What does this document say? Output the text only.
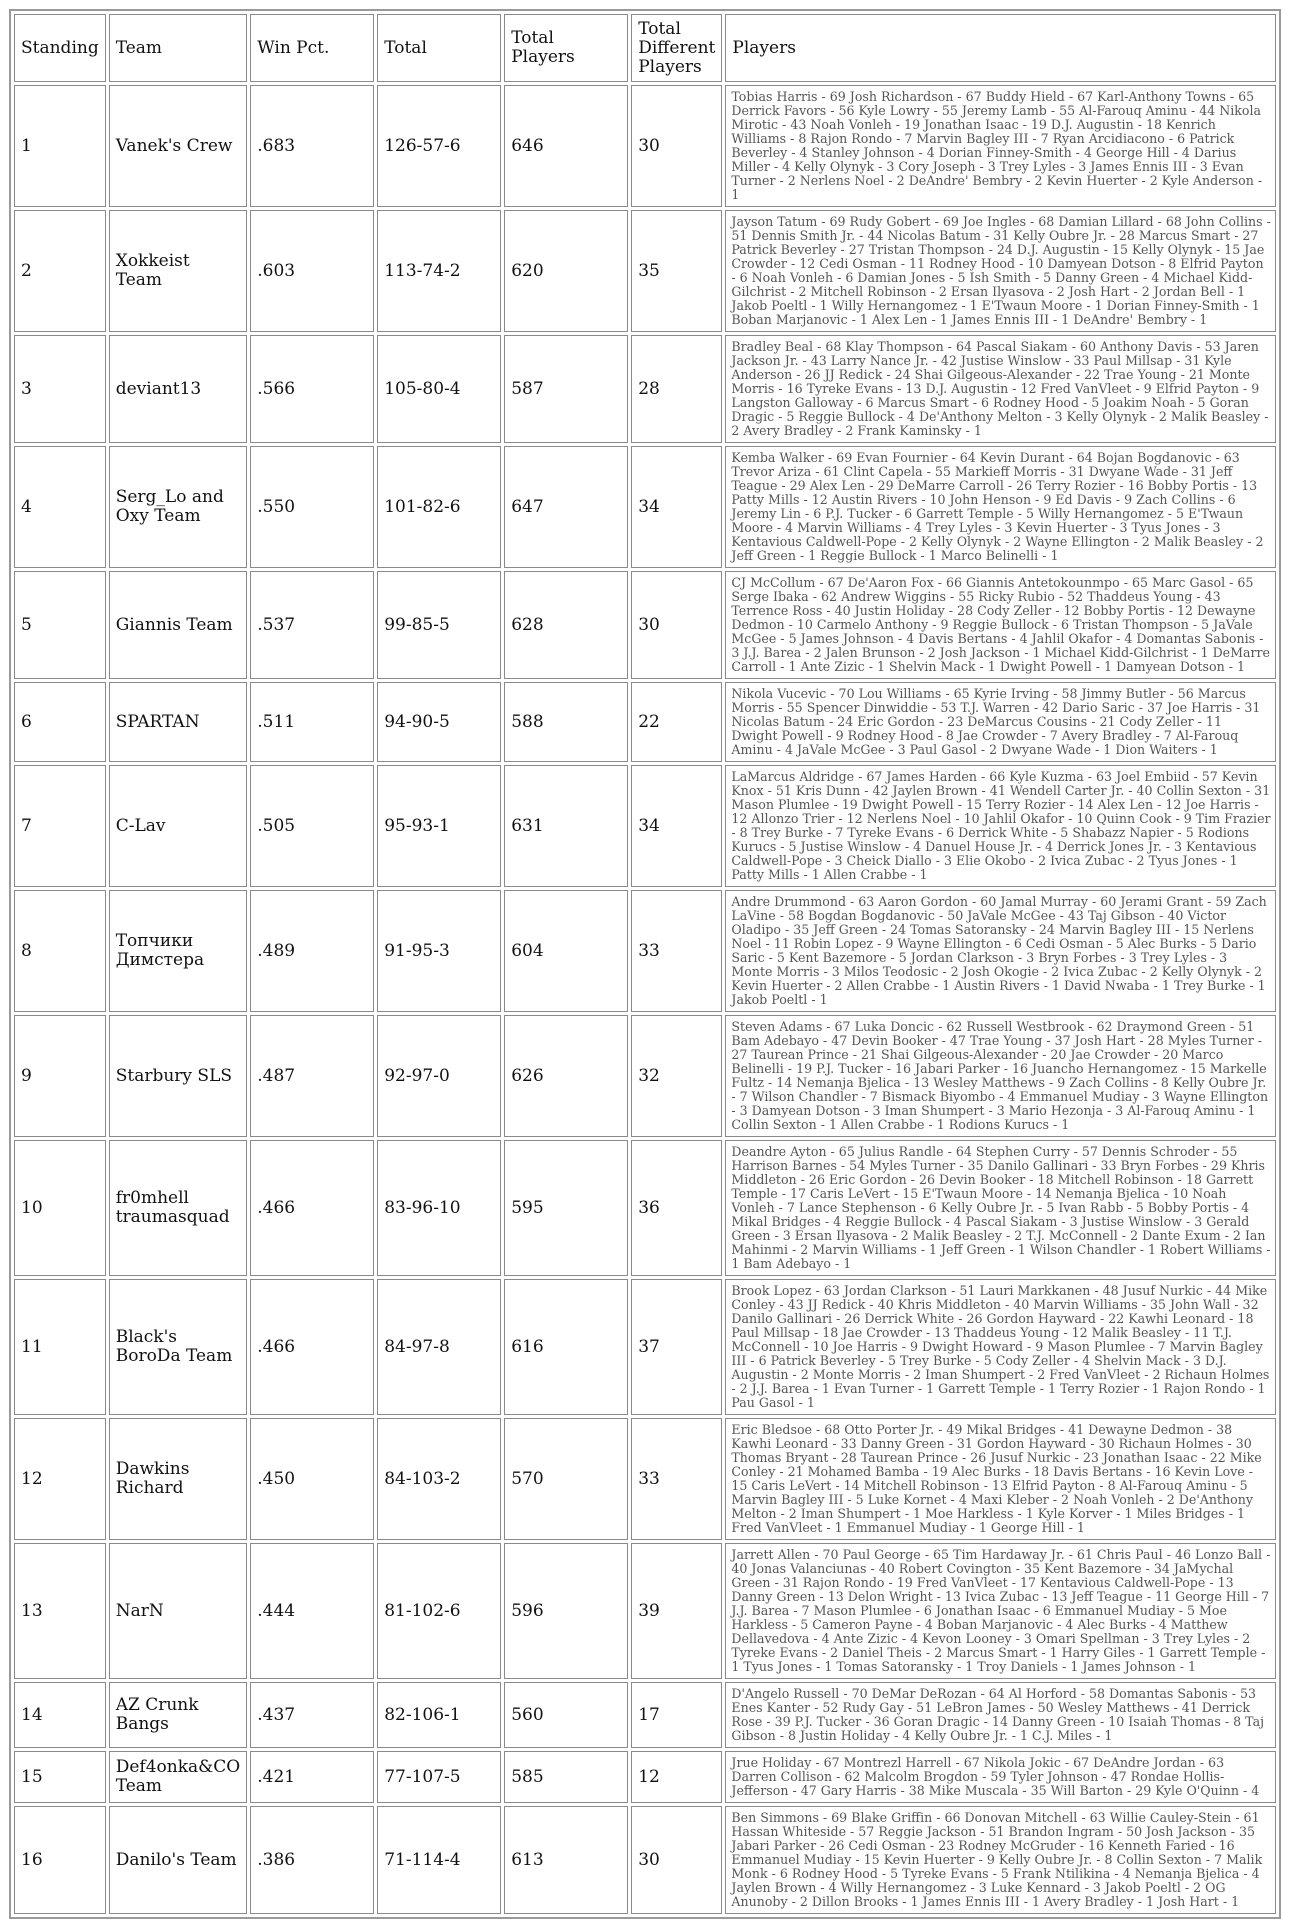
Standing	Team	Win Pct.	Total	Total Players	Total Different Players	Players
1	Vanek's Crew	.683	126-57-6	646	30	Tobias Harris - 69 Josh Richardson - 67 Buddy Hield - 67 Karl-Anthony Towns - 65 Derrick Favors - 56 Kyle Lowry - 55 Jeremy Lamb - 55 Al-Farouq Aminu - 44 Nikola Mirotic - 43 Noah Vonleh - 19 Jonathan Isaac - 19 D.J. Augustin - 18 Kenrich Williams - 8 Rajon Rondo - 7 Marvin Bagley III - 7 Ryan Arcidiacono - 6 Patrick Beverley - 4 Stanley Johnson - 4 Dorian Finney-Smith - 4 George Hill - 4 Darius Miller - 4 Kelly Olynyk - 3 Cory Joseph - 3 Trey Lyles - 3 James Ennis III - 3 Evan Turner - 2 Nerlens Noel - 2 DeAndre' Bembry - 2 Kevin Huerter - 2 Kyle Anderson - 1
2	Xokkeist Team	.603	113-74-2	620	35	Jayson Tatum - 69 Rudy Gobert - 69 Joe Ingles - 68 Damian Lillard - 68 John Collins - 51 Dennis Smith Jr. - 44 Nicolas Batum - 31 Kelly Oubre Jr. - 28 Marcus Smart - 27 Patrick Beverley - 27 Tristan Thompson - 24 D.J. Augustin - 15 Kelly Olynyk - 15 Jae Crowder - 12 Cedi Osman - 11 Rodney Hood - 10 Damyean Dotson - 8 Elfrid Payton - 6 Noah Vonleh - 6 Damian Jones - 5 Ish Smith - 5 Danny Green - 4 Michael Kidd-Gilchrist - 2 Mitchell Robinson - 2 Ersan Ilyasova - 2 Josh Hart - 2 Jordan Bell - 1 Jakob Poeltl - 1 Willy Hernangomez - 1 E'Twaun Moore - 1 Dorian Finney-Smith - 1 Boban Marjanovic - 1 Alex Len - 1 James Ennis III - 1 DeAndre' Bembry - 1
3	deviant13	.566	105-80-4	587	28	Bradley Beal - 68 Klay Thompson - 64 Pascal Siakam - 60 Anthony Davis - 53 Jaren Jackson Jr. - 43 Larry Nance Jr. - 42 Justise Winslow - 33 Paul Millsap - 31 Kyle Anderson - 26 JJ Redick - 24 Shai Gilgeous-Alexander - 22 Trae Young - 21 Monte Morris - 16 Tyreke Evans - 13 D.J. Augustin - 12 Fred VanVleet - 9 Elfrid Payton - 9 Langston Galloway - 6 Marcus Smart - 6 Rodney Hood - 5 Joakim Noah - 5 Goran Dragic - 5 Reggie Bullock - 4 De'Anthony Melton - 3 Kelly Olynyk - 2 Malik Beasley - 2 Avery Bradley - 2 Frank Kaminsky - 1
4	Serg_Lo and Oxy Team	.550	101-82-6	647	34	Kemba Walker - 69 Evan Fournier - 64 Kevin Durant - 64 Bojan Bogdanovic - 63 Trevor Ariza - 61 Clint Capela - 55 Markieff Morris - 31 Dwyane Wade - 31 Jeff Teague - 29 Alex Len - 29 DeMarre Carroll - 26 Terry Rozier - 16 Bobby Portis - 13 Patty Mills - 12 Austin Rivers - 10 John Henson - 9 Ed Davis - 9 Zach Collins - 6 Jeremy Lin - 6 P.J. Tucker - 6 Garrett Temple - 5 Willy Hernangomez - 5 E'Twaun Moore - 4 Marvin Williams - 4 Trey Lyles - 3 Kevin Huerter - 3 Tyus Jones - 3 Kentavious Caldwell-Pope - 2 Kelly Olynyk - 2 Wayne Ellington - 2 Malik Beasley - 2 Jeff Green - 1 Reggie Bullock - 1 Marco Belinelli - 1
5	Giannis Team	.537	99-85-5	628	30	CJ McCollum - 67 De'Aaron Fox - 66 Giannis Antetokounmpo - 65 Marc Gasol - 65 Serge Ibaka - 62 Andrew Wiggins - 55 Ricky Rubio - 52 Thaddeus Young - 43 Terrence Ross - 40 Justin Holiday - 28 Cody Zeller - 12 Bobby Portis - 12 Dewayne Dedmon - 10 Carmelo Anthony - 9 Reggie Bullock - 6 Tristan Thompson - 5 JaVale McGee - 5 James Johnson - 4 Davis Bertans - 4 Jahlil Okafor - 4 Domantas Sabonis - 3 J.J. Barea - 2 Jalen Brunson - 2 Josh Jackson - 1 Michael Kidd-Gilchrist - 1 DeMarre Carroll - 1 Ante Zizic - 1 Shelvin Mack - 1 Dwight Powell - 1 Damyean Dotson - 1
6	SPARTAN	.511	94-90-5	588	22	Nikola Vucevic - 70 Lou Williams - 65 Kyrie Irving - 58 Jimmy Butler - 56 Marcus Morris - 55 Spencer Dinwiddie - 53 T.J. Warren - 42 Dario Saric - 37 Joe Harris - 31 Nicolas Batum - 24 Eric Gordon - 23 DeMarcus Cousins - 21 Cody Zeller - 11 Dwight Powell - 9 Rodney Hood - 8 Jae Crowder - 7 Avery Bradley - 7 Al-Farouq Aminu - 4 JaVale McGee - 3 Paul Gasol - 2 Dwyane Wade - 1 Dion Waiters - 1
7	C-Lav	.505	95-93-1	631	34	LaMarcus Aldridge - 67 James Harden - 66 Kyle Kuzma - 63 Joel Embiid - 57 Kevin Knox - 51 Kris Dunn - 42 Jaylen Brown - 41 Wendell Carter Jr. - 40 Collin Sexton - 31 Mason Plumlee - 19 Dwight Powell - 15 Terry Rozier - 14 Alex Len - 12 Joe Harris - 12 Allonzo Trier - 12 Nerlens Noel - 10 Jahlil Okafor - 10 Quinn Cook - 9 Tim Frazier - 8 Trey Burke - 7 Tyreke Evans - 6 Derrick White - 5 Shabazz Napier - 5 Rodions Kurucs - 5 Justise Winslow - 4 Danuel House Jr. - 4 Derrick Jones Jr. - 3 Kentavious Caldwell-Pope - 3 Cheick Diallo - 3 Elie Okobo - 2 Ivica Zubac - 2 Tyus Jones - 1 Patty Mills - 1 Allen Crabbe - 1
8	Топчики Димстера	.489	91-95-3	604	33	Andre Drummond - 63 Aaron Gordon - 60 Jamal Murray - 60 Jerami Grant - 59 Zach LaVine - 58 Bogdan Bogdanovic - 50 JaVale McGee - 43 Taj Gibson - 40 Victor Oladipo - 35 Jeff Green - 24 Tomas Satoransky - 24 Marvin Bagley III - 15 Nerlens Noel - 11 Robin Lopez - 9 Wayne Ellington - 6 Cedi Osman - 5 Alec Burks - 5 Dario Saric - 5 Kent Bazemore - 5 Jordan Clarkson - 3 Bryn Forbes - 3 Trey Lyles - 3 Monte Morris - 3 Milos Teodosic - 2 Josh Okogie - 2 Ivica Zubac - 2 Kelly Olynyk - 2 Kevin Huerter - 2 Allen Crabbe - 1 Austin Rivers - 1 David Nwaba - 1 Trey Burke - 1 Jakob Poeltl - 1
9	Starbury SLS	.487	92-97-0	626	32	Steven Adams - 67 Luka Doncic - 62 Russell Westbrook - 62 Draymond Green - 51 Bam Adebayo - 47 Devin Booker - 47 Trae Young - 37 Josh Hart - 28 Myles Turner - 27 Taurean Prince - 21 Shai Gilgeous-Alexander - 20 Jae Crowder - 20 Marco Belinelli - 19 P.J. Tucker - 16 Jabari Parker - 16 Juancho Hernangomez - 15 Markelle Fultz - 14 Nemanja Bjelica - 13 Wesley Matthews - 9 Zach Collins - 8 Kelly Oubre Jr. - 7 Wilson Chandler - 7 Bismack Biyombo - 4 Emmanuel Mudiay - 3 Wayne Ellington - 3 Damyean Dotson - 3 Iman Shumpert - 3 Mario Hezonja - 3 Al-Farouq Aminu - 1 Collin Sexton - 1 Allen Crabbe - 1 Rodions Kurucs - 1
10	fr0mhell traumasquad	.466	83-96-10	595	36	Deandre Ayton - 65 Julius Randle - 64 Stephen Curry - 57 Dennis Schroder - 55 Harrison Barnes - 54 Myles Turner - 35 Danilo Gallinari - 33 Bryn Forbes - 29 Khris Middleton - 26 Eric Gordon - 26 Devin Booker - 18 Mitchell Robinson - 18 Garrett Temple - 17 Caris LeVert - 15 E'Twaun Moore - 14 Nemanja Bjelica - 10 Noah Vonleh - 7 Lance Stephenson - 6 Kelly Oubre Jr. - 5 Ivan Rabb - 5 Bobby Portis - 4 Mikal Bridges - 4 Reggie Bullock - 4 Pascal Siakam - 3 Justise Winslow - 3 Gerald Green - 3 Ersan Ilyasova - 2 Malik Beasley - 2 T.J. McConnell - 2 Dante Exum - 2 Ian Mahinmi - 2 Marvin Williams - 1 Jeff Green - 1 Wilson Chandler - 1 Robert Williams - 1 Bam Adebayo - 1
11	Black's BoroDa Team	.466	84-97-8	616	37	Brook Lopez - 63 Jordan Clarkson - 51 Lauri Markkanen - 48 Jusuf Nurkic - 44 Mike Conley - 43 JJ Redick - 40 Khris Middleton - 40 Marvin Williams - 35 John Wall - 32 Danilo Gallinari - 26 Derrick White - 26 Gordon Hayward - 22 Kawhi Leonard - 18 Paul Millsap - 18 Jae Crowder - 13 Thaddeus Young - 12 Malik Beasley - 11 T.J. McConnell - 10 Joe Harris - 9 Dwight Howard - 9 Mason Plumlee - 7 Marvin Bagley III - 6 Patrick Beverley - 5 Trey Burke - 5 Cody Zeller - 4 Shelvin Mack - 3 D.J. Augustin - 2 Monte Morris - 2 Iman Shumpert - 2 Fred VanVleet - 2 Richaun Holmes - 2 J.J. Barea - 1 Evan Turner - 1 Garrett Temple - 1 Terry Rozier - 1 Rajon Rondo - 1 Pau Gasol - 1
12	Dawkins Richard	.450	84-103-2	570	33	Eric Bledsoe - 68 Otto Porter Jr. - 49 Mikal Bridges - 41 Dewayne Dedmon - 38 Kawhi Leonard - 33 Danny Green - 31 Gordon Hayward - 30 Richaun Holmes - 30 Thomas Bryant - 28 Taurean Prince - 26 Jusuf Nurkic - 23 Jonathan Isaac - 22 Mike Conley - 21 Mohamed Bamba - 19 Alec Burks - 18 Davis Bertans - 16 Kevin Love - 15 Caris LeVert - 14 Mitchell Robinson - 13 Elfrid Payton - 8 Al-Farouq Aminu - 5 Marvin Bagley III - 5 Luke Kornet - 4 Maxi Kleber - 2 Noah Vonleh - 2 De'Anthony Melton - 2 Iman Shumpert - 1 Moe Harkless - 1 Kyle Korver - 1 Miles Bridges - 1 Fred VanVleet - 1 Emmanuel Mudiay - 1 George Hill - 1
13	NarN	.444	81-102-6	596	39	Jarrett Allen - 70 Paul George - 65 Tim Hardaway Jr. - 61 Chris Paul - 46 Lonzo Ball - 40 Jonas Valanciunas - 40 Robert Covington - 35 Kent Bazemore - 34 JaMychal Green - 31 Rajon Rondo - 19 Fred VanVleet - 17 Kentavious Caldwell-Pope - 13 Danny Green - 13 Delon Wright - 13 Ivica Zubac - 13 Jeff Teague - 11 George Hill - 7 J.J. Barea - 7 Mason Plumlee - 6 Jonathan Isaac - 6 Emmanuel Mudiay - 5 Moe Harkless - 5 Cameron Payne - 4 Boban Marjanovic - 4 Alec Burks - 4 Matthew Dellavedova - 4 Ante Zizic - 4 Kevon Looney - 3 Omari Spellman - 3 Trey Lyles - 2 Tyreke Evans - 2 Daniel Theis - 2 Marcus Smart - 1 Harry Giles - 1 Garrett Temple - 1 Tyus Jones - 1 Tomas Satoransky - 1 Troy Daniels - 1 James Johnson - 1
14	AZ Crunk Bangs	.437	82-106-1	560	17	D'Angelo Russell - 70 DeMar DeRozan - 64 Al Horford - 58 Domantas Sabonis - 53 Enes Kanter - 52 Rudy Gay - 51 LeBron James - 50 Wesley Matthews - 41 Derrick Rose - 39 P.J. Tucker - 36 Goran Dragic - 14 Danny Green - 10 Isaiah Thomas - 8 Taj Gibson - 8 Justin Holiday - 4 Kelly Oubre Jr. - 1 C.J. Miles - 1
15	Def4onka&CO Team	.421	77-107-5	585	12	Jrue Holiday - 67 Montrezl Harrell - 67 Nikola Jokic - 67 DeAndre Jordan - 63 Darren Collison - 62 Malcolm Brogdon - 59 Tyler Johnson - 47 Rondae Hollis-Jefferson - 47 Gary Harris - 38 Mike Muscala - 35 Will Barton - 29 Kyle O'Quinn - 4
16	Danilo's Team	.386	71-114-4	613	30	Ben Simmons - 69 Blake Griffin - 66 Donovan Mitchell - 63 Willie Cauley-Stein - 61 Hassan Whiteside - 57 Reggie Jackson - 51 Brandon Ingram - 50 Josh Jackson - 35 Jabari Parker - 26 Cedi Osman - 23 Rodney McGruder - 16 Kenneth Faried - 16 Emmanuel Mudiay - 15 Kevin Huerter - 9 Kelly Oubre Jr. - 8 Collin Sexton - 7 Malik Monk - 6 Rodney Hood - 5 Tyreke Evans - 5 Frank Ntilikina - 4 Nemanja Bjelica - 4 Jaylen Brown - 4 Willy Hernangomez - 3 Luke Kennard - 3 Jakob Poeltl - 2 OG Anunoby - 2 Dillon Brooks - 1 James Ennis III - 1 Avery Bradley - 1 Josh Hart - 1
